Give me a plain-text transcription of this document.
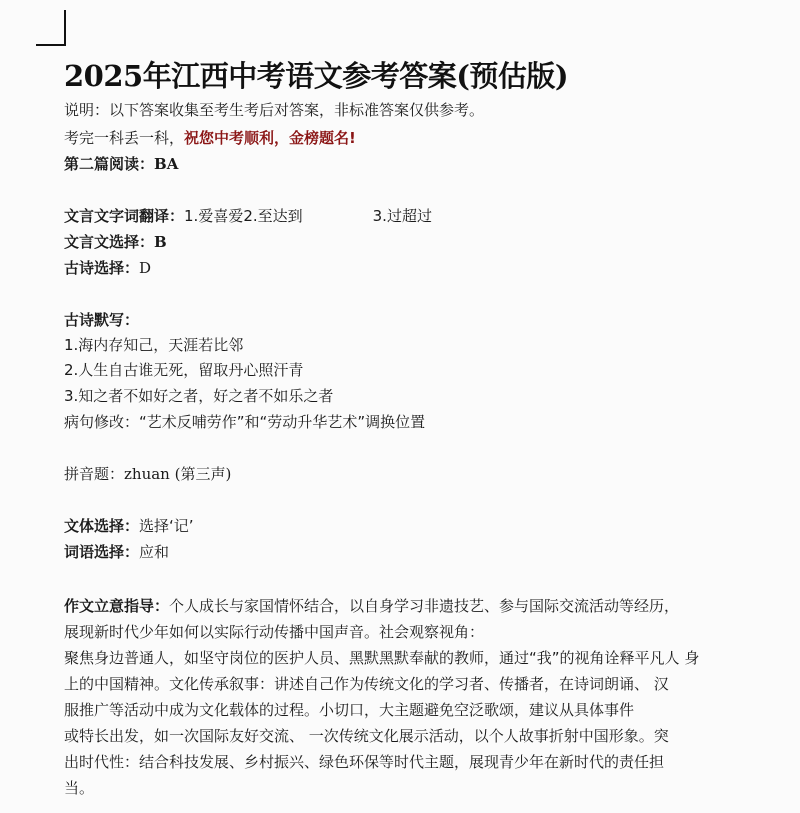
2025年江西中考语文参考答案(预估版)
说明：以下答案收集至考生考后对答案，非标准答案仅供参考。
考完一科丢一科，祝您中考顺利，金榜题名!
第二篇阅读：BA
文言文字词翻译：1.爱喜爱2.至达到	3.过超过
文言文选择：B
古诗选择：D
古诗默写：
1.海内存知己，天涯若比邻
2.人生自古谁无死，留取丹心照汗青
3.知之者不如好之者，好之者不如乐之者
病句修改：“艺术反哺劳作”和“劳动升华艺术”调换位置
拼音题：zhuan (第三声)
文体选择：选择‘记’
词语选择：应和
作文立意指导：个人成长与家国情怀结合，以自身学习非遗技艺、参与国际交流活动等经历，
展现新时代少年如何以实际行动传播中国声音。社会观察视角：
聚焦身边普通人，如坚守岗位的医护人员、黑默黑默奉献的教师，通过“我”的视角诠释平凡人 身
上的中国精神。文化传承叙事：讲述自己作为传统文化的学习者、传播者，在诗词朗诵、 汉
服推广等活动中成为文化载体的过程。小切口，大主题避免空泛歌颂，建议从具体事件
或特长出发，如一次国际友好交流、 一次传统文化展示活动，以个人故事折射中国形象。突
出时代性：结合科技发展、乡村振兴、绿色环保等时代主题，展现青少年在新时代的责任担
当。
